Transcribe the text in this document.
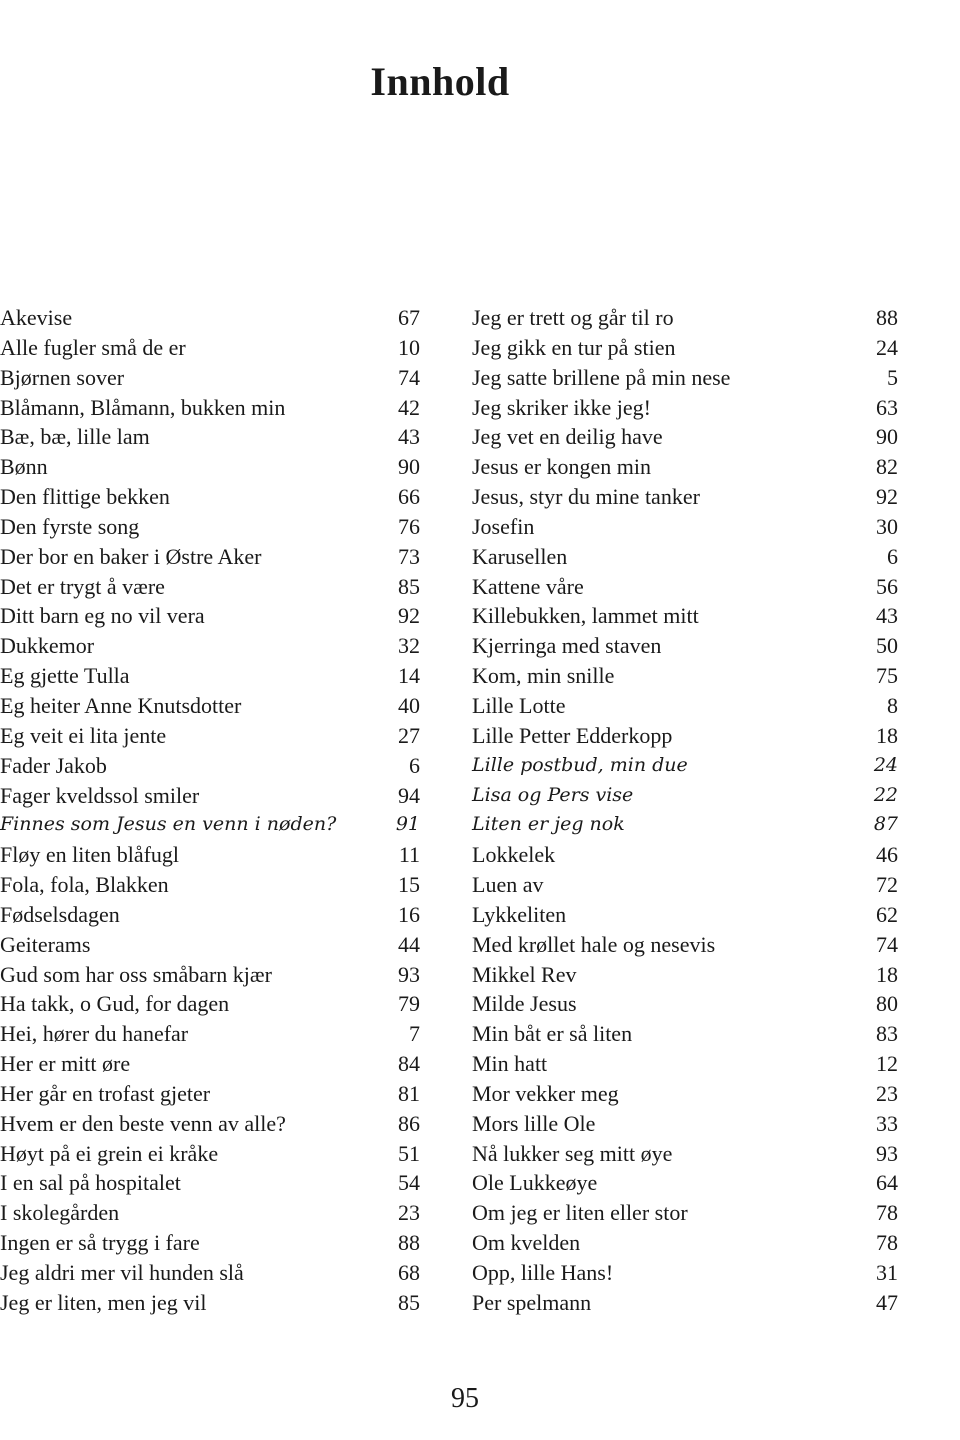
Innhold
Akevise	67
Alle fugler små de er	10
Bjørnen sover	74
Blåmann, Blåmann, bukken min	42
Bæ, bæ, lille lam	43
Bønn	90
Den flittige bekken	66
Den fyrste song	76
Der bor en baker i Østre Aker	73
Det er trygt å være	85
Ditt barn eg no vil vera	92
Dukkemor	32
Eg gjette Tulla	14
Eg heiter Anne Knutsdotter	40
Eg veit ei lita jente	27
Fader Jakob	6
Fager kveldssol smiler	94
Finnes som Jesus en venn i nøden?	91
Fløy en liten blåfugl	11
Fola, fola, Blakken	15
Fødselsdagen	16
Geiterams	44
Gud som har oss småbarn kjær	93
Ha takk, o Gud, for dagen	79
Hei, hører du hanefar	7
Her er mitt øre	84
Her går en trofast gjeter	81
Hvem er den beste venn av alle?	86
Høyt på ei grein ei kråke	51
I en sal på hospitalet	54
I skolegården	23
Ingen er så trygg i fare	88
Jeg aldri mer vil hunden slå	68
Jeg er liten, men jeg vil	85
Jeg er trett og går til ro	88
Jeg gikk en tur på stien	24
Jeg satte brillene på min nese	5
Jeg skriker ikke jeg!	63
Jeg vet en deilig have	90
Jesus er kongen min	82
Jesus, styr du mine tanker	92
Josefin	30
Karusellen	6
Kattene våre	56
Killebukken, lammet mitt	43
Kjerringa med staven	50
Kom, min snille	75
Lille Lotte	8
Lille Petter Edderkopp	18
Lille postbud, min due	24
Lisa og Pers vise	22
Liten er jeg nok	87
Lokkelek	46
Luen av	72
Lykkeliten	62
Med krøllet hale og nesevis	74
Mikkel Rev	18
Milde Jesus	80
Min båt er så liten	83
Min hatt	12
Mor vekker meg	23
Mors lille Ole	33
Nå lukker seg mitt øye	93
Ole Lukkeøye	64
Om jeg er liten eller stor	78
Om kvelden	78
Opp, lille Hans!	31
Per spelmann	47
95
